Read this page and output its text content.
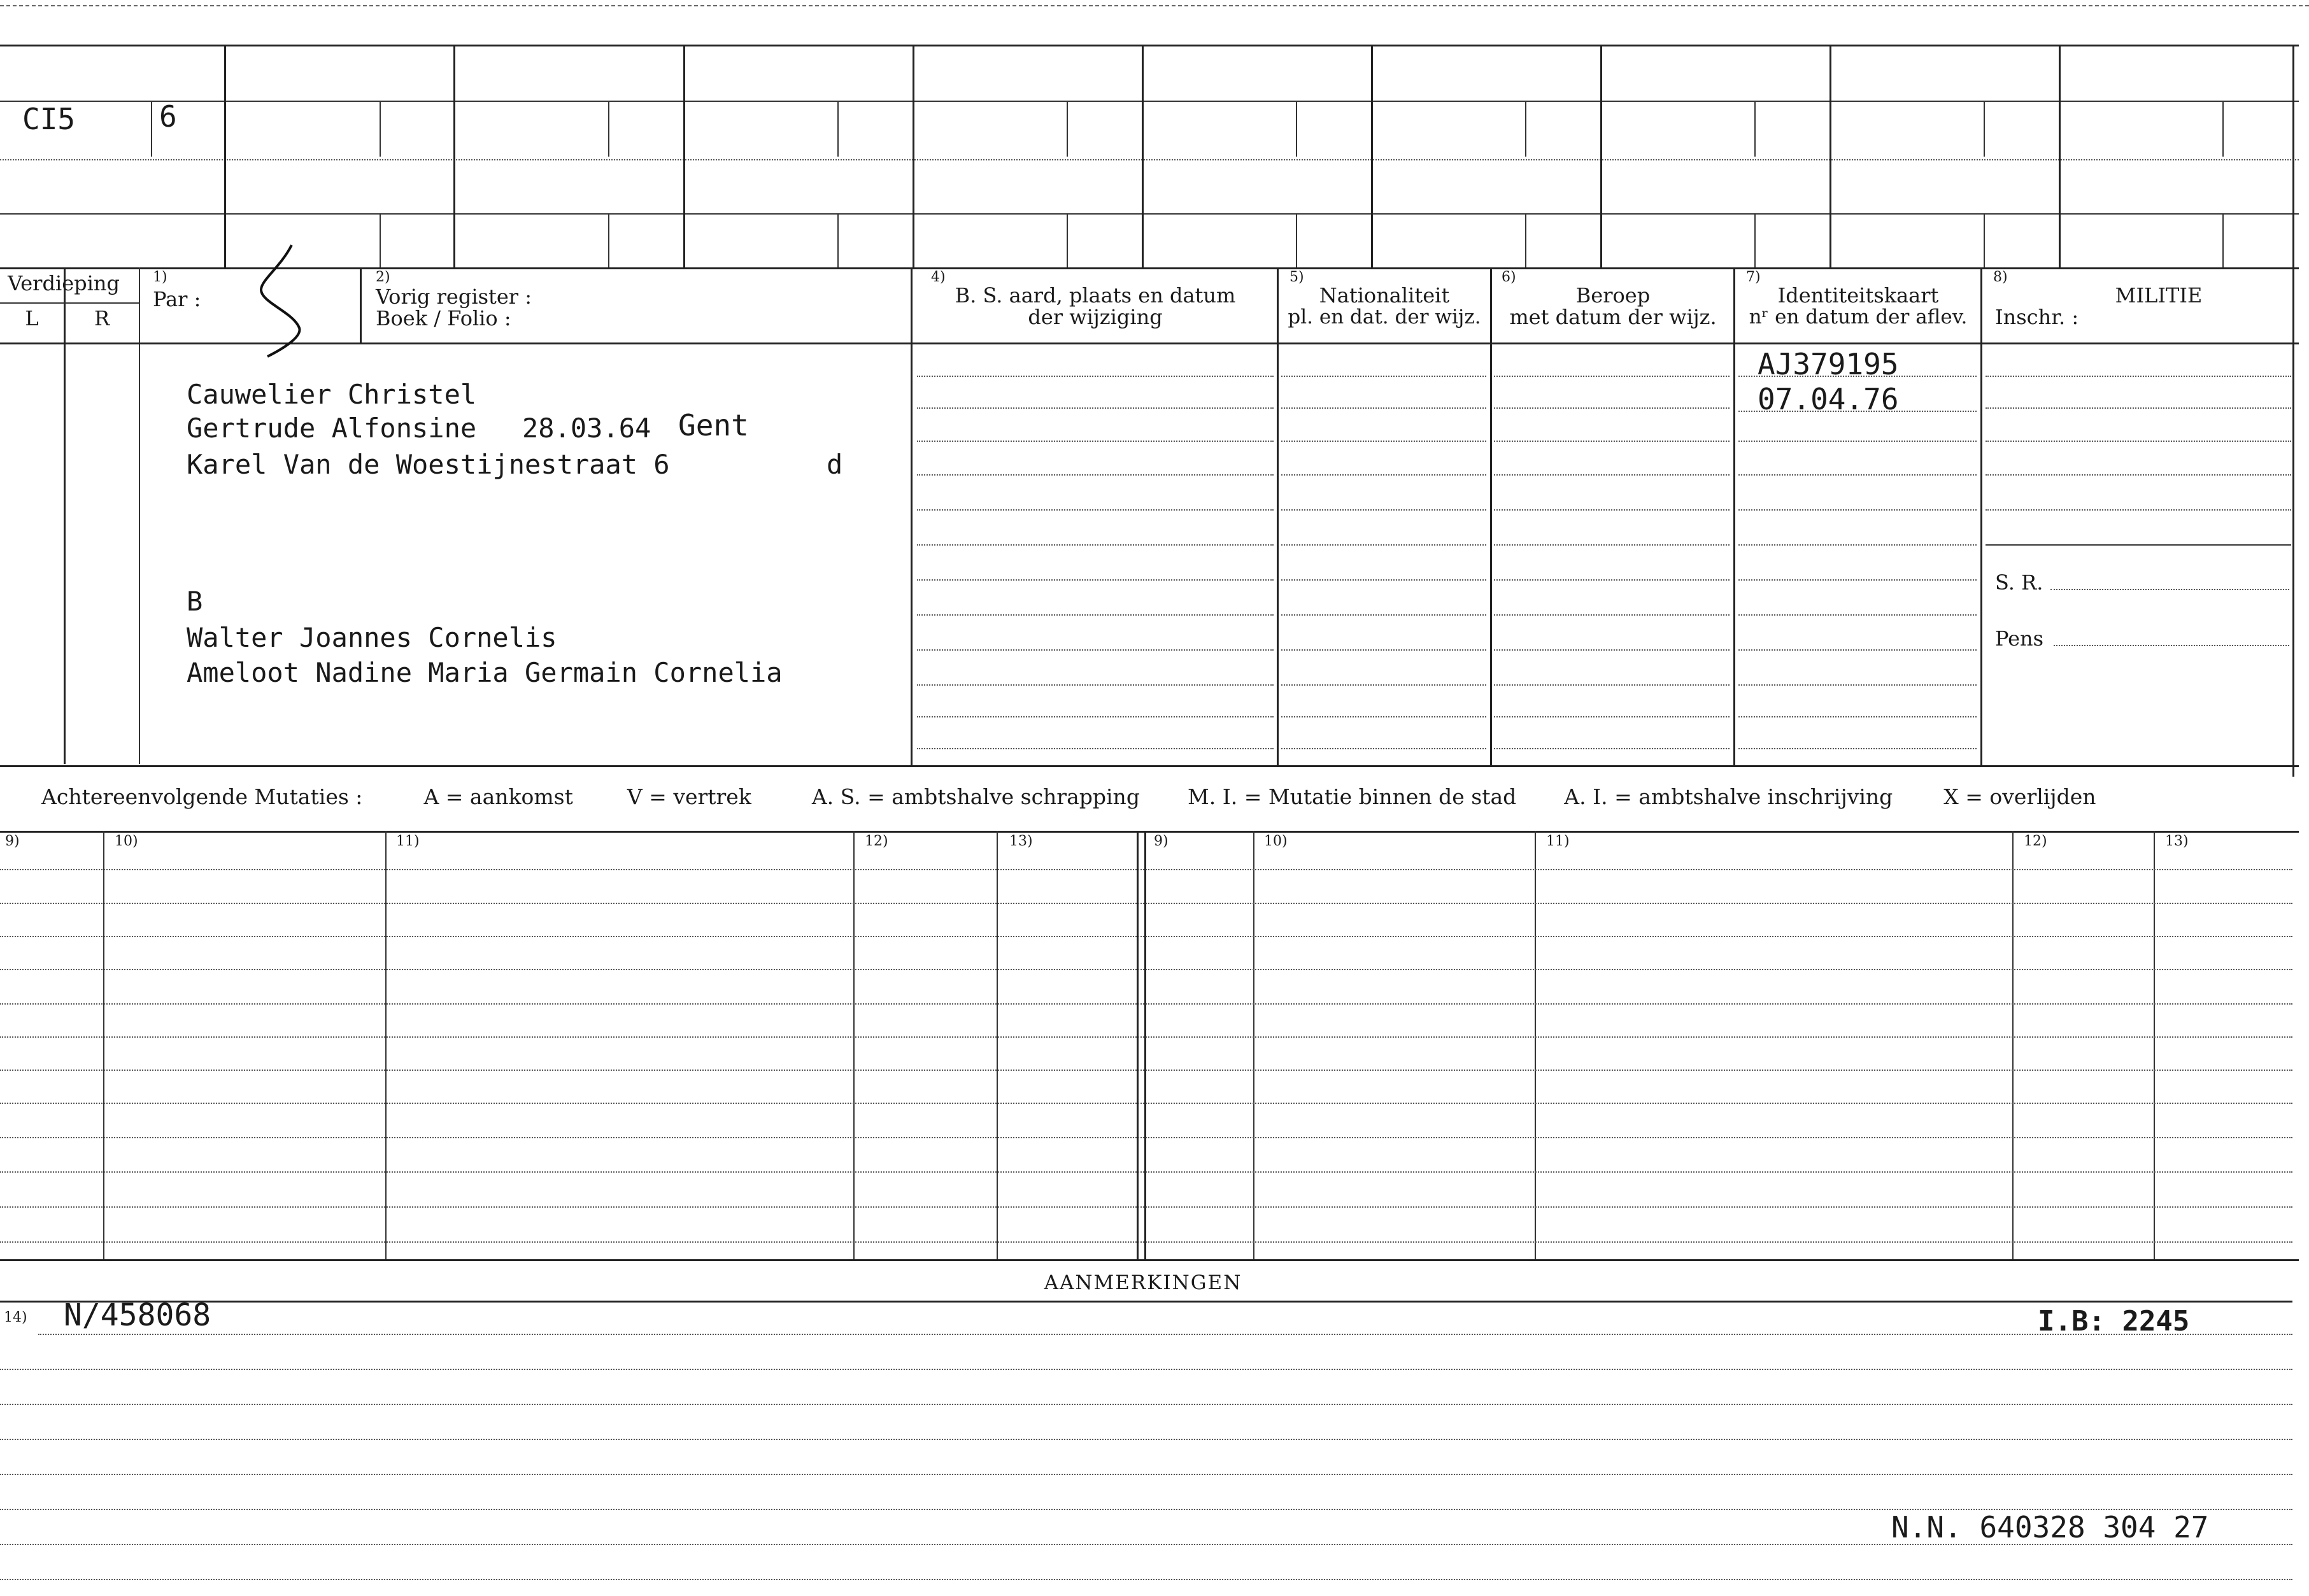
CI5	6
Verdieping
L	R
1)
Par :
2)
Vorig register :
Boek / Folio :
4)
B. S. aard, plaats en datum
der wijziging
5)
Nationaliteit
pl. en dat. der wijz.
6)
Beroep
met datum der wijz.
7)
Identiteitskaart
nʳ en datum der aflev.
8)
MILITIE
Inschr. :
Cauwelier Christel
Gertrude Alfonsine 28.03.64 Gent
Karel Van de Woestijnestraat 6	d
B
Walter Joannes Cornelis
Ameloot Nadine Maria Germain Cornelia
AJ379195
07.04.76
S. R.
Pens
Achtereenvolgende Mutaties :	A = aankomst	V = vertrek	A. S. = ambtshalve schrapping M. I. = Mutatie binnen de stad A. I. = ambtshalve inschrijving X = overlijden
9)	10)	11)	12)	13)	9)	10)	11)	12)	13)
AANMERKINGEN
14) N/458068	I.B: 2245
N.N. 640328 304 27
